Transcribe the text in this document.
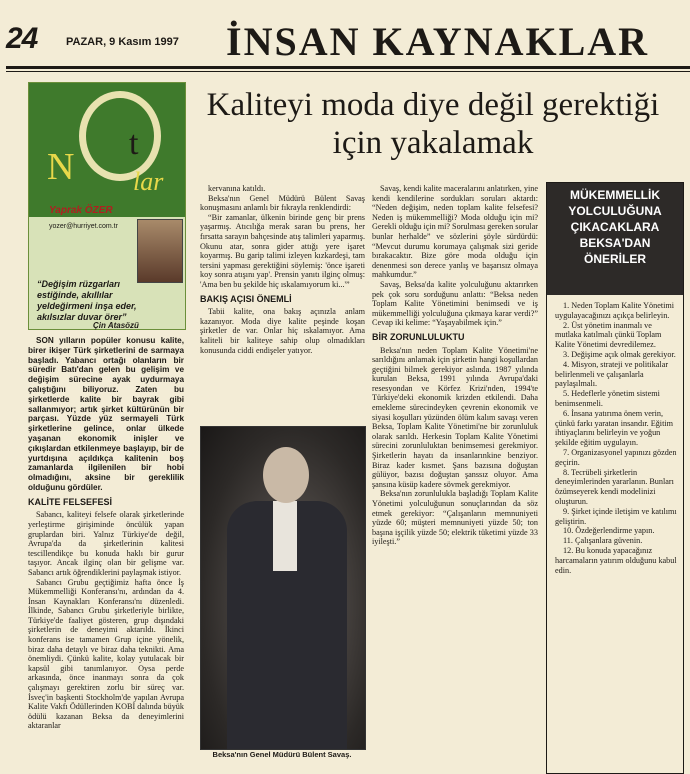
24	PAZAR, 9 Kasım 1997 İNSAN KAYNAKLAR
N
t
lar
Yaprak ÖZER
yozer@hurriyet.com.tr
“Değişim rüzgarları estiğinde, akıllılar yeldeğirmeni inşa eder, akılsızlar duvar örer”
Çin Atasözü
Kaliteyi moda diye değil gerektiği için yakalamak

SON yılların popüler konusu kalite, birer ikişer Türk şirketlerini de sarmaya başladı. Yabancı ortağı olanların bir süredir Batı'dan gelen bu gelişim ve değişim sürecine ayak uydurmaya çalıştığını biliyoruz. Zaten bu şirketlerde kalite bir bayrak gibi sallanmıyor; artık şirket kültürünün bir parçası. Yüzde yüz sermayeli Türk şirketlerine gelince, onlar ülkede yaşanan ekonomik inişler ve çıkışlardan etkilenmeye başlayıp, bir de yurtdışına açıldıkça kalitenin boş zamanlarda ilgilenilen bir hobi olmadığını, aksine bir gereklilik olduğunu gördüler.

KALİTE FELSEFESİ

Sabancı, kaliteyi felsefe olarak şirketlerinde yerleştirme girişiminde öncülük yapan gruplardan biri. Yalnız Türkiye'de değil, Avrupa'da da şirketlerinin kalitesi tescillendikçe bu konuda haklı bir gurur taşıyor. Ancak ilginç olan bir gelişme var. Sabancı artık öğrendiklerini paylaşmak istiyor.

Sabancı Grubu geçtiğimiz hafta önce İş Mükemmelliği Konferansı'nı, ardından da 4. İnsan Kaynakları Konferansı'nı düzenledi. İlkinde, Sabancı Grubu şirketleriyle birlikte, Türkiye'de faaliyet gösteren, grup dışındaki şirketlerin de deneyimi aktarıldı. İkinci konferans ise tamamen Grup içine yönelik, biraz daha detaylı ve biraz daha teknikti. Ama önemliydi. Çünkü kalite, kolay yutulacak bir kapsül gibi tanımlanıyor. Oysa perde arkasında, önce inanmayı sonra da çok çalışmayı gerektiren zorlu bir süreç var. İsveç'in başkenti Stockholm'de yapılan Avrupa Kalite Vakfı Ödüllerinden KOBİ dalında büyük ödülü kazanan Beksa da deneyimlerini aktaranlar

kervanına katıldı.

Beksa'nın Genel Müdürü Bülent Savaş konuşmasını anlamlı bir fıkrayla renklendirdi:

“Bir zamanlar, ülkenin birinde genç bir prens yaşarmış. Atıcılığa merak saran bu prens, her fırsatta sarayın bahçesinde atış talimleri yaparmış. Okunu atar, sonra gider attığı yere işaret koyarmış. Bu garip talimi izleyen kızkardeşi, tam tersini yapması gerektiğini söylemiş: 'önce işareti koy sonra atışını yap'. Prensin yanıtı ilginç olmuş: 'Ama ben bu şekilde hiç ıskalamıyorum ki...'”

BAKIŞ AÇISI ÖNEMLİ

Tabii kalite, ona bakış açınızla anlam kazanıyor. Moda diye kalite peşinde koşan şirketler de var. Onlar hiç ıskalamıyor. Ama kaliteli bir kaliteye sahip olup olmadıkları konusunda ciddi endişeler yatıyor.

Beksa'nın Genel Müdürü Bülent Savaş.

Savaş, kendi kalite maceralarını anlatırken, yine kendi kendilerine sordukları soruları aktardı: “Neden değişim, neden toplam kalite felsefesi? Neden iş mükemmelliği? Moda olduğu için mi? Gerekli olduğu için mi? Sorulması gereken sorular bunlar herhalde” ve sözlerini şöyle sürdürdü: “Mevcut durumu korumaya çalışmak sizi geride bırakacaktır. Bize göre moda olduğu için denenmesi son derece yanlış ve başarısız olmaya mahkumdur.”

Savaş, Beksa'da kalite yolculuğunu aktarırken pek çok soru sorduğunu anlattı: “Beksa neden Toplam Kalite Yönetimini benimsedi ve iş mükemmelliği yolculuğuna çıkmaya karar verdi?” Cevap iki kelime: “Yaşayabilmek için.”

BİR ZORUNLULUKTU

Beksa'nın neden Toplam Kalite Yönetimi'ne sarıldığını anlamak için şirketin hangi koşullardan geçtiğini bilmek gerekiyor aslında. 1987 yılında kurulan Beksa, 1991 yılında Avrupa'daki resesyondan ve Körfez Krizi'nden, 1994'te Türkiye'deki ekonomik krizden etkilendi. Daha emekleme sürecindeyken çevrenin ekonomik ve siyasi koşulları yüzünden ölüm kalım savaşı veren Beksa, Toplam Kalite Yönetimi'ne bir zorunluluk olarak sarıldı. Herkesin Toplam Kalite Yönetimi sürecini zorunluluktan benimsemesi gerekmiyor. Şirketlerin hayatı da insanlarınkine benziyor. Biraz kader kısmet. Şans bazısına doğuştan gülüyor, bazısı doğuştan şanssız oluyor. Ama şansına küsüp kadere sövmek gerekmiyor.

Beksa'nın zorunlulukla başladığı Toplam Kalite Yönetimi yolculuğunun sonuçlarından da söz etmek gerekiyor: “Çalışanların memnuniyeti yüzde 60; müşteri memnuniyeti yüzde 50; ton başına işçilik yüzde 50; elektrik tüketimi yüzde 33 iyileşti.”

MÜKEMMELLİK YOLCULUĞUNA ÇIKACAKLARA BEKSA'DAN ÖNERİLER

1. Neden Toplam Kalite Yönetimi uygulayacağınızı açıkça belirleyin.

2. Üst yönetim inanmalı ve mutlaka katılmalı çünkü Toplam Kalite Yönetimi devredilemez.

3. Değişime açık olmak gerekiyor.

4. Misyon, strateji ve politikalar belirlenmeli ve çalışanlarla paylaşılmalı.

5. Hedeflerle yönetim sistemi benimsenmeli.

6. İnsana yatırıma önem verin, çünkü farkı yaratan insandır. Eğitim ihtiyaçlarını belirleyin ve yoğun şekilde eğitim uygulayın.

7. Organizasyonel yapınızı gözden geçirin.

8. Tecrübeli şirketlerin deneyimlerinden yararlanın. Bunları özümseyerek kendi modelinizi oluşturun.

9. Şirket içinde iletişim ve katılımı geliştirin.

10. Özdeğerlendirme yapın.

11. Çalışanlara güvenin.

12. Bu konuda yapacağınız harcamaların yatırım olduğunu kabul edin.
